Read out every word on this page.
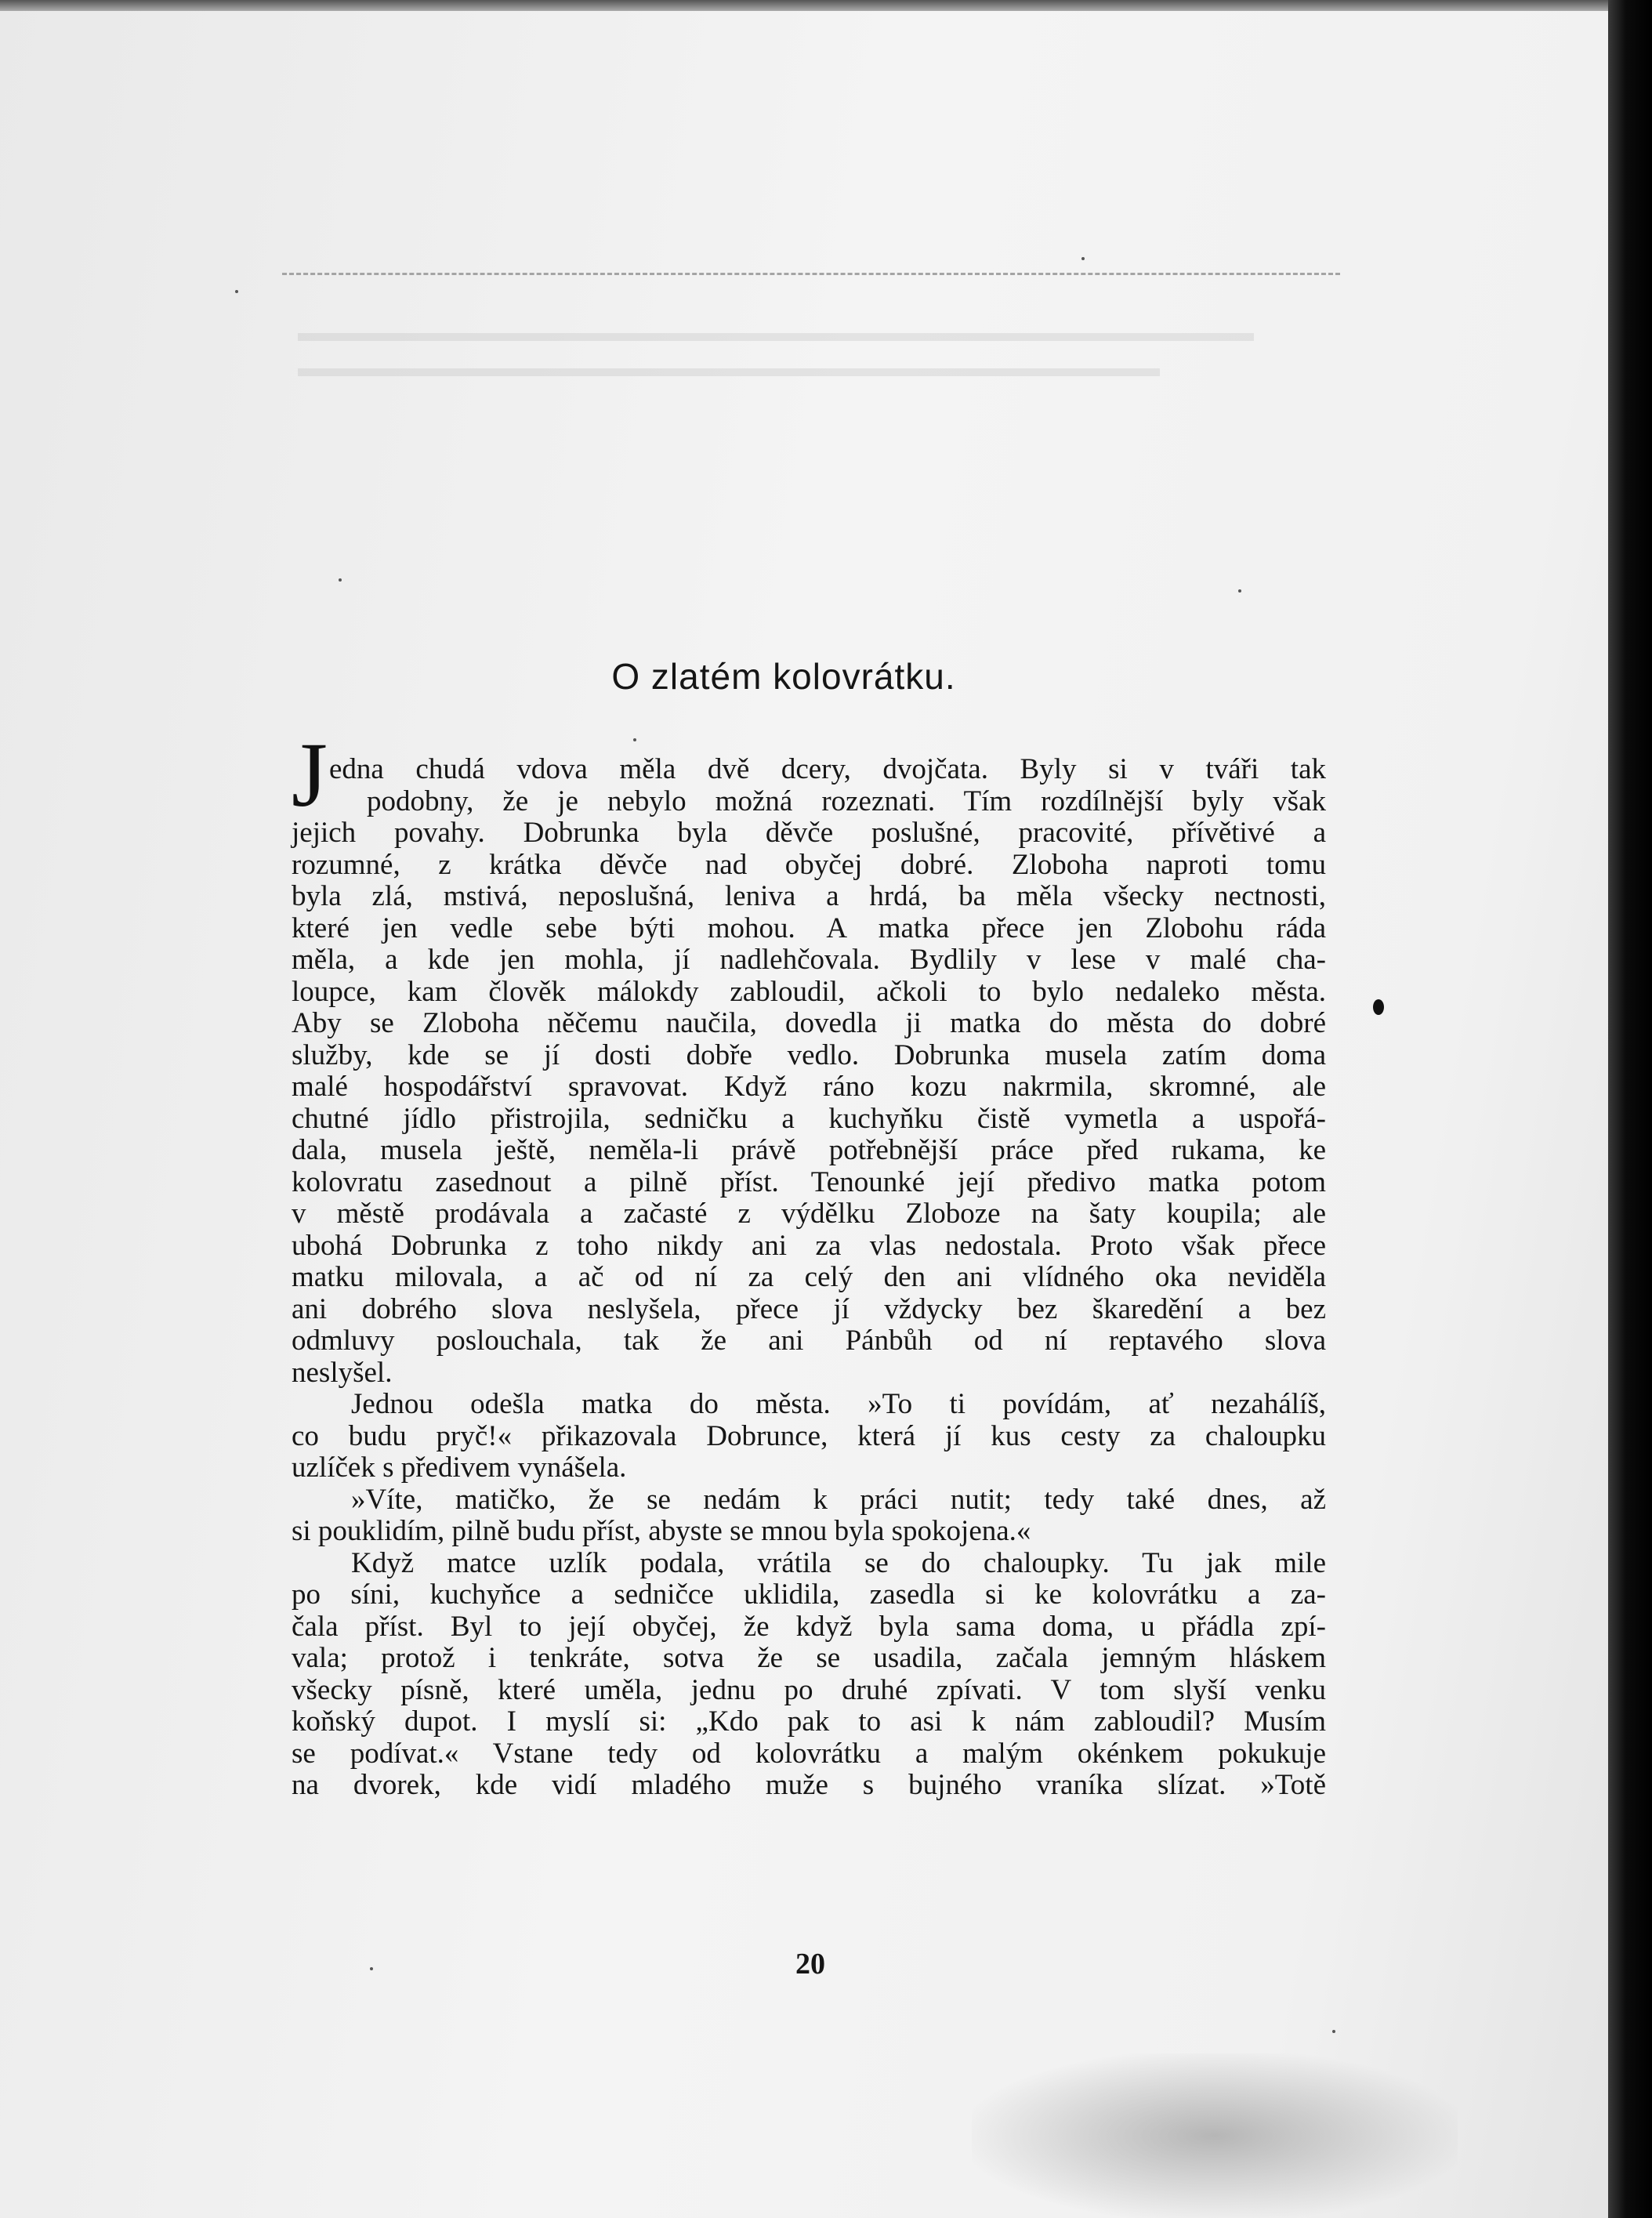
O zlatém kolovrátku.
J edna chudá vdova měla dvě dcery, dvojčata. Byly si v tváři tak
podobny, že je nebylo možná rozeznati. Tím rozdílnější byly však
jejich povahy. Dobrunka byla děvče poslušné, pracovité, přívětivé a
rozumné, z krátka děvče nad obyčej dobré. Zloboha naproti tomu
byla zlá, mstivá, neposlušná, leniva a hrdá, ba měla všecky nectnosti,
které jen vedle sebe býti mohou. A matka přece jen Zlobohu ráda
měla, a kde jen mohla, jí nadlehčovala. Bydlily v lese v malé cha-
loupce, kam člověk málokdy zabloudil, ačkoli to bylo nedaleko města.
Aby se Zloboha něčemu naučila, dovedla ji matka do města do dobré
služby, kde se jí dosti dobře vedlo. Dobrunka musela zatím doma
malé hospodářství spravovat. Když ráno kozu nakrmila, skromné, ale
chutné jídlo přistrojila, sedničku a kuchyňku čistě vymetla a uspořá-
dala, musela ještě, neměla-li právě potřebnější práce před rukama, ke
kolovratu zasednout a pilně příst. Tenounké její předivo matka potom
v městě prodávala a začasté z výdělku Zloboze na šaty koupila; ale
ubohá Dobrunka z toho nikdy ani za vlas nedostala. Proto však přece
matku milovala, a ač od ní za celý den ani vlídného oka neviděla
ani dobrého slova neslyšela, přece jí vždycky bez škaredění a bez
odmluvy poslouchala, tak že ani Pánbůh od ní reptavého slova
neslyšel.
Jednou odešla matka do města. »To ti povídám, ať nezahálíš,
co budu pryč!« přikazovala Dobrunce, která jí kus cesty za chaloupku
uzlíček s předivem vynášela.
»Víte, matičko, že se nedám k práci nutit; tedy také dnes, až
si pouklidím, pilně budu příst, abyste se mnou byla spokojena.«
Když matce uzlík podala, vrátila se do chaloupky. Tu jak mile
po síni, kuchyňce a sedničce uklidila, zasedla si ke kolovrátku a za-
čala příst. Byl to její obyčej, že když byla sama doma, u přádla zpí-
vala; protož i tenkráte, sotva že se usadila, začala jemným hláskem
všecky písně, které uměla, jednu po druhé zpívati. V tom slyší venku
koňský dupot. I myslí si: „Kdo pak to asi k nám zabloudil? Musím
se podívat.« Vstane tedy od kolovrátku a malým okénkem pokukuje
na dvorek, kde vidí mladého muže s bujného vraníka slízat. »Totě
20
